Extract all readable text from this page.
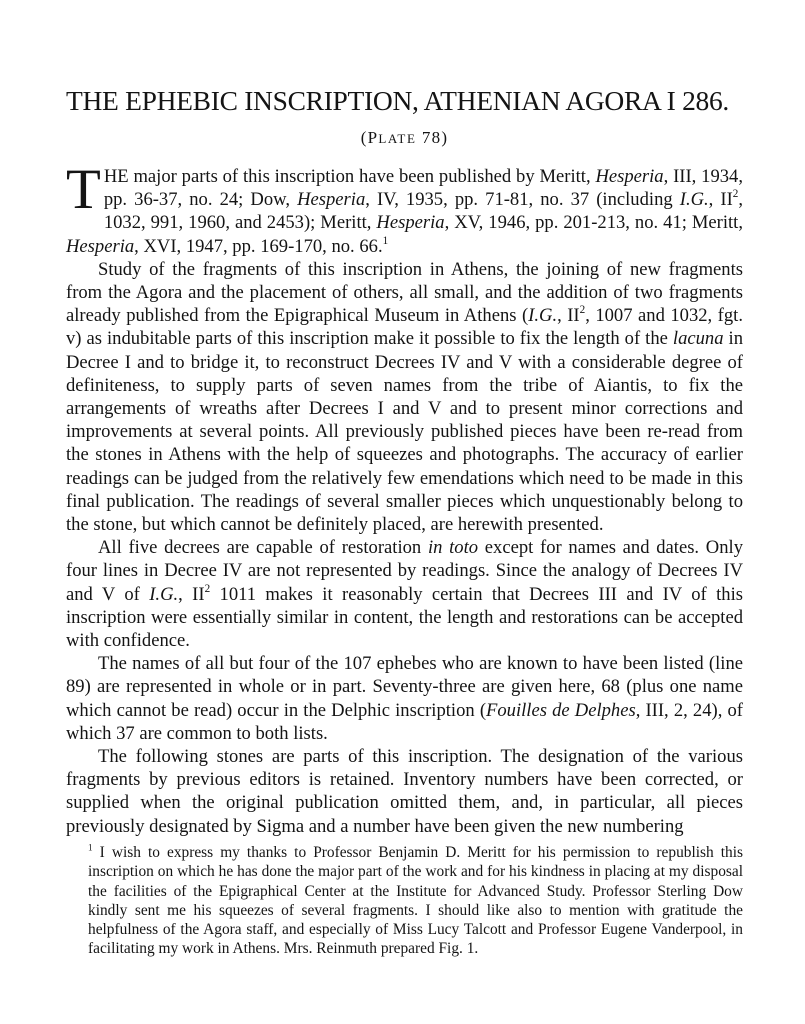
THE EPHEBIC INSCRIPTION, ATHENIAN AGORA I 286.
(PLATE 78)

THE major parts of this inscription have been published by Meritt, Hesperia, III, 1934, pp. 36-37, no. 24; Dow, Hesperia, IV, 1935, pp. 71-81, no. 37 (including I.G., $II^2$, 1032, 991, 1960, and 2453); Meritt, Hesperia, XV, 1946, pp. 201-213, no. 41; Meritt, Hesperia, XVI, 1947, pp. 169-170, no. 66.$^1$

Study of the fragments of this inscription in Athens, the joining of new fragments from the Agora and the placement of others, all small, and the addition of two fragments already published from the Epigraphical Museum in Athens (I.G., $II^2$, 1007 and 1032, fgt. v) as indubitable parts of this inscription make it possible to fix the length of the lacuna in Decree I and to bridge it, to reconstruct Decrees IV and V with a considerable degree of definiteness, to supply parts of seven names from the tribe of Aiantis, to fix the arrangements of wreaths after Decrees I and V and to present minor corrections and improvements at several points. All previously published pieces have been re-read from the stones in Athens with the help of squeezes and photographs. The accuracy of earlier readings can be judged from the relatively few emendations which need to be made in this final publication. The readings of several smaller pieces which unquestionably belong to the stone, but which cannot be definitely placed, are herewith presented.

All five decrees are capable of restoration in toto except for names and dates. Only four lines in Decree IV are not represented by readings. Since the analogy of Decrees IV and V of I.G., $II^2$ 1011 makes it reasonably certain that Decrees III and IV of this inscription were essentially similar in content, the length and restorations can be accepted with confidence.

The names of all but four of the 107 ephebes who are known to have been listed (line 89) are represented in whole or in part. Seventy-three are given here, 68 (plus one name which cannot be read) occur in the Delphic inscription (Fouilles de Delphes, III, 2, 24), of which 37 are common to both lists.

The following stones are parts of this inscription. The designation of the various fragments by previous editors is retained. Inventory numbers have been corrected, or supplied when the original publication omitted them, and, in particular, all pieces previously designated by Sigma and a number have been given the new numbering

$^1$ I wish to express my thanks to Professor Benjamin D. Meritt for his permission to republish this inscription on which he has done the major part of the work and for his kindness in placing at my disposal the facilities of the Epigraphical Center at the Institute for Advanced Study. Professor Sterling Dow kindly sent me his squeezes of several fragments. I should like also to mention with gratitude the helpfulness of the Agora staff, and especially of Miss Lucy Talcott and Professor Eugene Vanderpool, in facilitating my work in Athens. Mrs. Reinmuth prepared Fig. 1.
